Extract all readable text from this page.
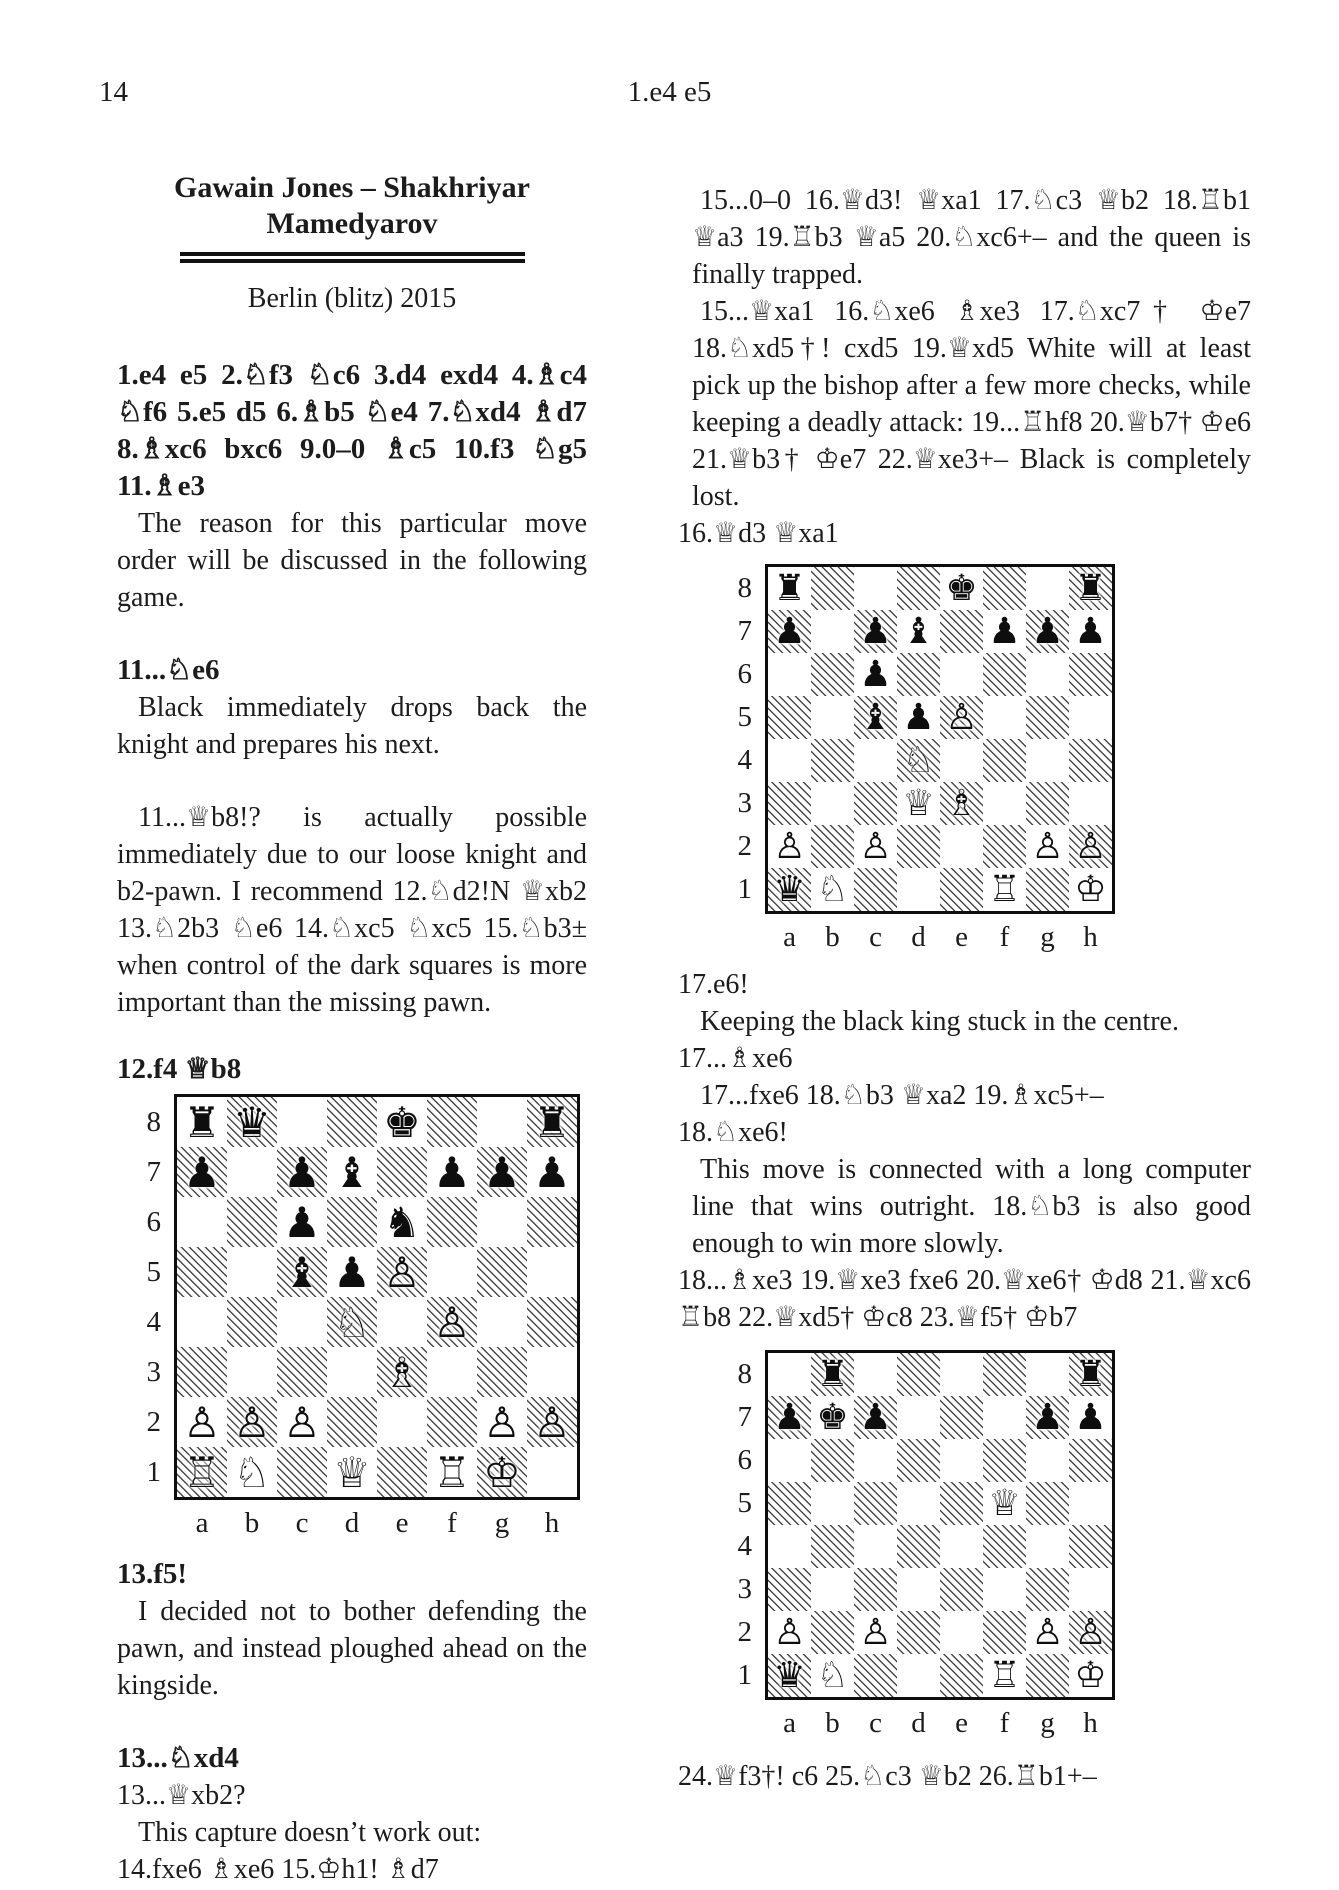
14	1.e4 e5
Gawain Jones – Shakhriyar Mamedyarov
Berlin (blitz) 2015

1.e4 e5 2.♘f3 ♘c6 3.d4 exd4 4.♗c4 ♘f6 5.e5 d5 6.♗b5 ♘e4 7.♘xd4 ♗d7 8.♗xc6 bxc6 9.0–0 ♗c5 10.f3 ♘g5 11.♗e3

The reason for this particular move order will be discussed in the following game.

11...♘e6

Black immediately drops back the knight and prepares his next.

11...♕b8!? is actually possible immediately due to our loose knight and b2-pawn. I recommend 12.♘d2!N ♕xb2 13.♘2b3 ♘e6 14.♘xc5 ♘xc5 15.♘b3± when control of the dark squares is more important than the missing pawn.

12.f4 ♕b8

8
7
6
5
4
3
2
1
♜︎ ♛︎	♚︎	♜︎
♟︎ ♟︎ ♝︎ ♟︎ ♟︎ ♟︎
♟︎ ♞︎
♝︎ ♟︎ ♙︎
♘︎ ♙︎
♗︎
♙︎ ♙︎ ♙︎	♙︎ ♙︎
♖︎ ♘︎ ♕︎ ♖︎ ♔︎
a	b	c	d	e	f	g	h

13.f5!

I decided not to bother defending the pawn, and instead ploughed ahead on the kingside.

13...♘xd4

13...♕xb2?

This capture doesn’t work out:

14.fxe6 ♗xe6 15.♔h1! ♗d7

15...0–0 16.♕d3! ♕xa1 17.♘c3 ♕b2 18.♖b1 ♕a3 19.♖b3 ♕a5 20.♘xc6+– and the queen is finally trapped.

15...♕xa1 16.♘xe6 ♗xe3 17.♘xc7† ♔e7 18.♘xd5†! cxd5 19.♕xd5 White will at least pick up the bishop after a few more checks, while keeping a deadly attack: 19...♖hf8 20.♕b7† ♔e6 21.♕b3† ♔e7 22.♕xe3+– Black is completely lost.

16.♕d3 ♕xa1

8
7
6
5
4
3
2
1
♜︎	♚︎	♜︎
♟︎ ♟︎ ♝︎ ♟︎ ♟︎ ♟︎
♟︎
♝︎ ♟︎ ♙︎
♘︎
♕︎ ♗︎
♙︎ ♙︎	♙︎ ♙︎
♛︎ ♘︎	♖︎ ♔︎
a	b	c	d	e	f	g h

17.e6!

Keeping the black king stuck in the centre.

17...♗xe6

17...fxe6 18.♘b3 ♕xa2 19.♗xc5+–

18.♘xe6!

This move is connected with a long computer line that wins outright. 18.♘b3 is also good enough to win more slowly.

18...♗xe3 19.♕xe3 fxe6 20.♕xe6† ♔d8 21.♕xc6 ♖b8 22.♕xd5† ♔c8 23.♕f5† ♔b7

8
7
6
5
4
3
2
1
♜︎	♜︎
♟︎ ♚︎ ♟︎	♟︎ ♟︎
♕︎
♙︎ ♙︎	♙︎ ♙︎
♛︎ ♘︎	♖︎ ♔︎
a	b	c	d	e	f	g h

24.♕f3†! c6 25.♘c3 ♕b2 26.♖b1+–
